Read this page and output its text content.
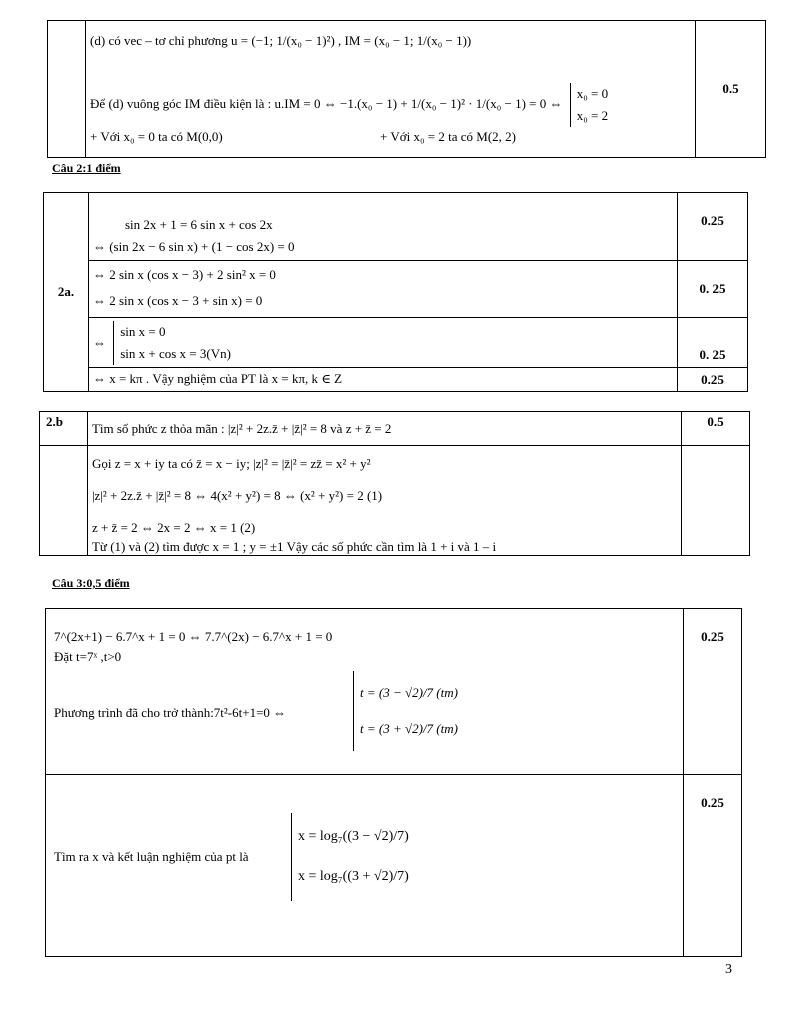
(d) có vec – tơ chỉ phương u = (−1; 1/(x₀ − 1)²) , IM = (x₀ − 1; 1/(x₀ − 1))
Để (d) vuông góc IM điều kiện là : u.IM = 0 ⇔ −1.(x₀ − 1) + 1/(x₀ − 1)² · 1/(x₀ − 1) = 0 ⇔
x₀ = 0
x₀ = 2
+ Với x₀ = 0 ta có M(0,0)	+ Với x₀ = 2 ta có M(2, 2)
	0.5
Câu 2:1 điểm
2a.	sin 2x + 1 = 6 sin x + cos 2x
⇔ (sin 2x − 6 sin x) + (1 − cos 2x) = 0	0.25

	⇔ 2 sin x (cos x − 3) + 2 sin² x = 0
⇔ 2 sin x (cos x − 3 + sin x) = 0	0. 25

	⇔
sin x = 0
sin x + cos x = 3(Vn)	0. 25

	⇔ x = kπ . Vậy nghiệm của PT là x = kπ, k ∈ Z	0.25
2.b	Tìm số phức z thỏa mãn : |z|² + 2z.z̄ + |z̄|² = 8 và z + z̄ = 2	0.5

	Gọi z = x + iy ta có z̄ = x − iy; |z|² = |z̄|² = zz̄ = x² + y²
|z|² + 2z.z̄ + |z̄|² = 8 ⇔ 4(x² + y²) = 8 ⇔ (x² + y²) = 2 (1)
z + z̄ = 2 ⇔ 2x = 2 ⇔ x = 1 (2)
Từ (1) và (2) tìm được x = 1 ; y = ±1 Vậy các số phức cần tìm là 1 + i và 1 – i	

Câu 3:0,5 điểm
7^(2x+1) − 6.7^x + 1 = 0 ⇔ 7.7^(2x) − 6.7^x + 1 = 0
Đặt t=7ˣ ,t>0
Phương trình đã cho trở thành:7t²-6t+1=0 ⇔
t = (3 − √2)/7 (tm)
t = (3 + √2)/7 (tm)	0.25

Tìm ra x và kết luận nghiệm của pt là
x = log₇((3 − √2)/7)
x = log₇((3 + √2)/7)	0.25
3
